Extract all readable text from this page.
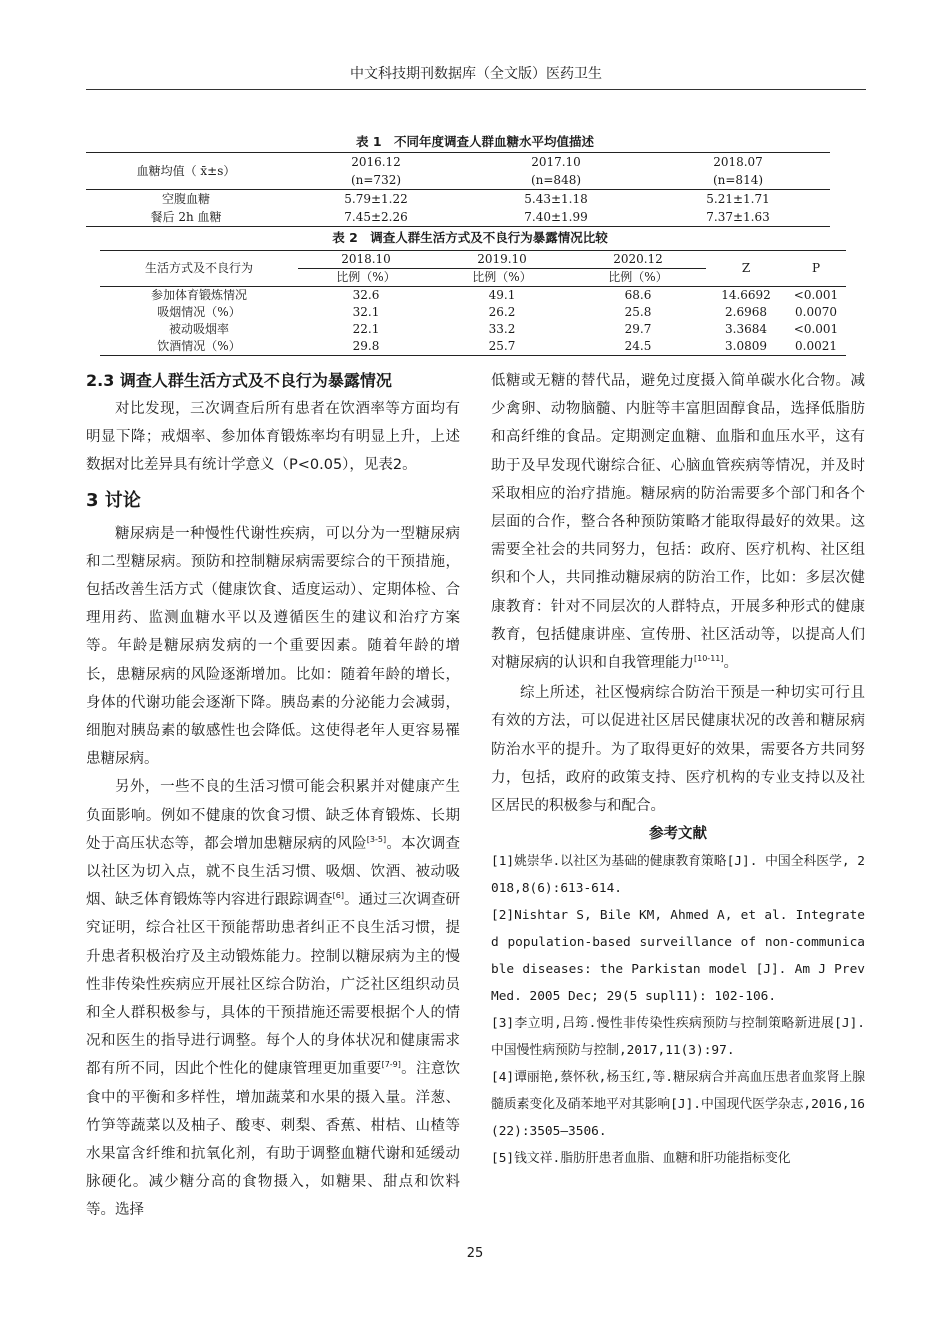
中文科技期刊数据库（全文版）医药卫生
表 1　不同年度调查人群血糖水平均值描述
血糖均值（ x̄±s）	2016.12	2017.10	2018.07
	(n=732)	(n=848)	(n=814)
空腹血糖	5.79±1.22	5.43±1.18	5.21±1.71
餐后 2h 血糖	7.45±2.26	7.40±1.99	7.37±1.63
表 2　调查人群生活方式及不良行为暴露情况比较
生活方式及不良行为	2018.10	2019.10	2020.12	Z	P
	比例（%）	比例（%）	比例（%）		
参加体育锻炼情况	32.6	49.1	68.6	14.6692	<0.001
吸烟情况（%）	32.1	26.2	25.8	2.6968	0.0070
被动吸烟率	22.1	33.2	29.7	3.3684	<0.001
饮酒情况（%）	29.8	25.7	24.5	3.0809	0.0021
2.3 调查人群生活方式及不良行为暴露情况

对比发现，三次调查后所有患者在饮酒率等方面均有明显下降；戒烟率、参加体育锻炼率均有明显上升，上述数据对比差异具有统计学意义（P<0.05），见表2。

3 讨论

糖尿病是一种慢性代谢性疾病，可以分为一型糖尿病和二型糖尿病。预防和控制糖尿病需要综合的干预措施，包括改善生活方式（健康饮食、适度运动）、定期体检、合理用药、监测血糖水平以及遵循医生的建议和治疗方案等。年龄是糖尿病发病的一个重要因素。随着年龄的增长，患糖尿病的风险逐渐增加。比如：随着年龄的增长，身体的代谢功能会逐渐下降。胰岛素的分泌能力会减弱，细胞对胰岛素的敏感性也会降低。这使得老年人更容易罹患糖尿病。

另外，一些不良的生活习惯可能会积累并对健康产生负面影响。例如不健康的饮食习惯、缺乏体育锻炼、长期处于高压状态等，都会增加患糖尿病的风险[3-5]。本次调查以社区为切入点，就不良生活习惯、吸烟、饮酒、被动吸烟、缺乏体育锻炼等内容进行跟踪调查[6]。通过三次调查研究证明，综合社区干预能帮助患者纠正不良生活习惯，提升患者积极治疗及主动锻炼能力。控制以糖尿病为主的慢性非传染性疾病应开展社区综合防治，广泛社区组织动员和全人群积极参与，具体的干预措施还需要根据个人的情况和医生的指导进行调整。每个人的身体状况和健康需求都有所不同，因此个性化的健康管理更加重要[7-9]。注意饮食中的平衡和多样性，增加蔬菜和水果的摄入量。洋葱、竹笋等蔬菜以及柚子、酸枣、刺梨、香蕉、柑桔、山楂等水果富含纤维和抗氧化剂，有助于调整血糖代谢和延缓动脉硬化。减少糖分高的食物摄入，如糖果、甜点和饮料等。选择

低糖或无糖的替代品，避免过度摄入简单碳水化合物。减少禽卵、动物脑髓、内脏等丰富胆固醇食品，选择低脂肪和高纤维的食品。定期测定血糖、血脂和血压水平，这有助于及早发现代谢综合征、心脑血管疾病等情况，并及时采取相应的治疗措施。糖尿病的防治需要多个部门和各个层面的合作，整合各种预防策略才能取得最好的效果。这需要全社会的共同努力，包括：政府、医疗机构、社区组织和个人，共同推动糖尿病的防治工作，比如：多层次健康教育：针对不同层次的人群特点，开展多种形式的健康教育，包括健康讲座、宣传册、社区活动等，以提高人们对糖尿病的认识和自我管理能力[10-11]。

综上所述，社区慢病综合防治干预是一种切实可行且有效的方法，可以促进社区居民健康状况的改善和糖尿病防治水平的提升。为了取得更好的效果，需要各方共同努力，包括，政府的政策支持、医疗机构的专业支持以及社区居民的积极参与和配合。

参考文献

[1]姚崇华.以社区为基础的健康教育策略[J]. 中国全科医学, 2018,8(6):613-614.

[2]Nishtar S, Bile KM, Ahmed A, et al. Integrated population-based surveillance of non-communicable diseases: the Parkistan model [J]. Am J Prev Med. 2005 Dec; 29(5 supl11): 102-106.

[3]李立明,吕筠.慢性非传染性疾病预防与控制策略新进展[J]. 中国慢性病预防与控制,2017,11(3):97.

[4]谭丽艳,蔡怀秋,杨玉红,等.糖尿病合并高血压患者血浆肾上腺髓质素变化及硝苯地平对其影响[J].中国现代医学杂志,2016,16(22):3505—3506.

[5]钱文祥.脂肪肝患者血脂、血糖和肝功能指标变化

25
